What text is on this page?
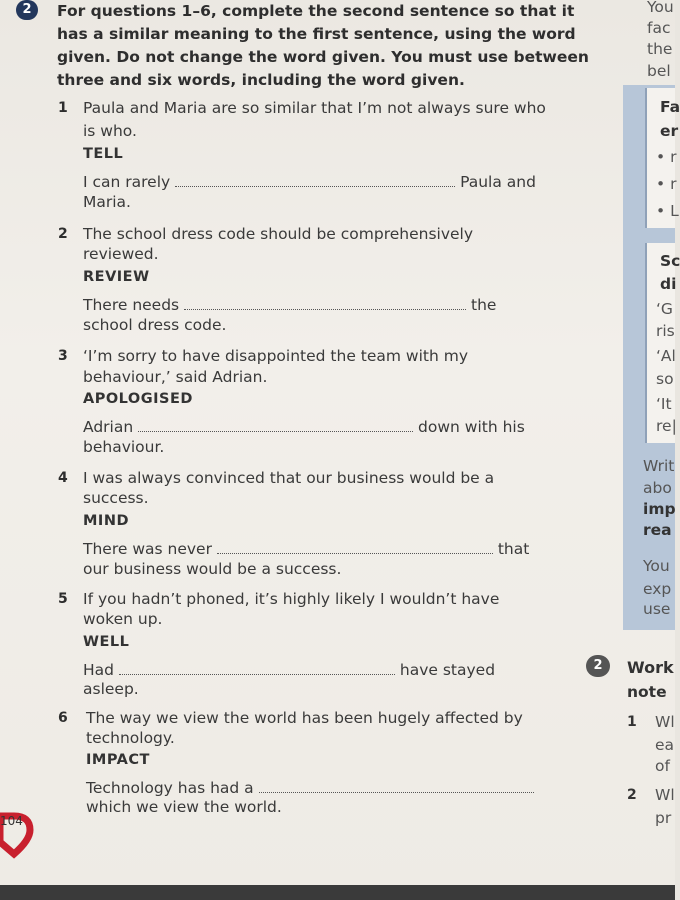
2	For questions 1–6, complete the second sentence so that it
has a similar meaning to the first sentence, using the word
given. Do not change the word given. You must use between
three and six words, including the word given.
1 Paula and Maria are so similar that I’m not always sure who
is who.
TELL
I can rarely	Paula and
Maria.
2 The school dress code should be comprehensively
reviewed.
REVIEW
There needs	the
school dress code.
3 ‘I’m sorry to have disappointed the team with my
behaviour,’ said Adrian.
APOLOGISED
Adrian	down with his
behaviour.
4 I was always convinced that our business would be a
success.
MIND
There was never	that
our business would be a success.
5 If you hadn’t phoned, it’s highly likely I wouldn’t have
woken up.
WELL
Had	have stayed
asleep.
6 The way we view the world has been hugely affected by
technology.
IMPACT
Technology has had a
which we view the world.
104
You
fac
the
bel
Fa
er
• r
• r
• L
Sc
di
‘G
ris
‘Al
so
‘It
re|
Writ
abo
imp
rea
You
exp
use
2	Work
note
1 Wl
ea
of
2 Wl
pr
